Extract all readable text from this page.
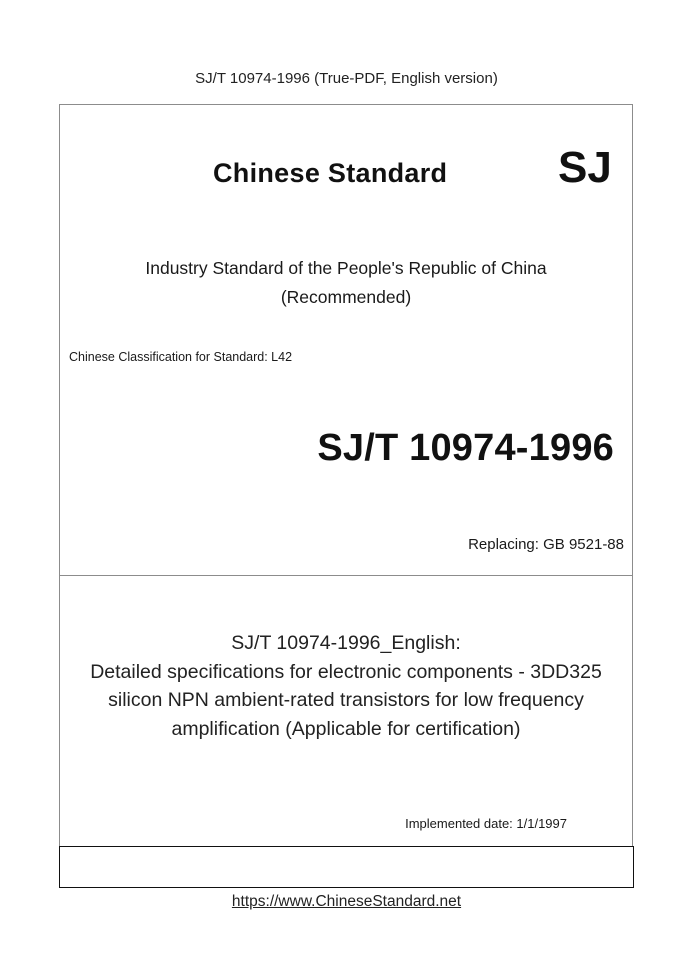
SJ/T 10974-1996 (True-PDF, English version)
Chinese Standard	SJ
Industry Standard of the People's Republic of China
(Recommended)
Chinese Classification for Standard: L42
SJ/T 10974-1996
Replacing: GB 9521-88
SJ/T 10974-1996_English:
Detailed specifications for electronic components - 3DD325
silicon NPN ambient-rated transistors for low frequency
amplification (Applicable for certification)
Implemented date: 1/1/1997
https://www.ChineseStandard.net
